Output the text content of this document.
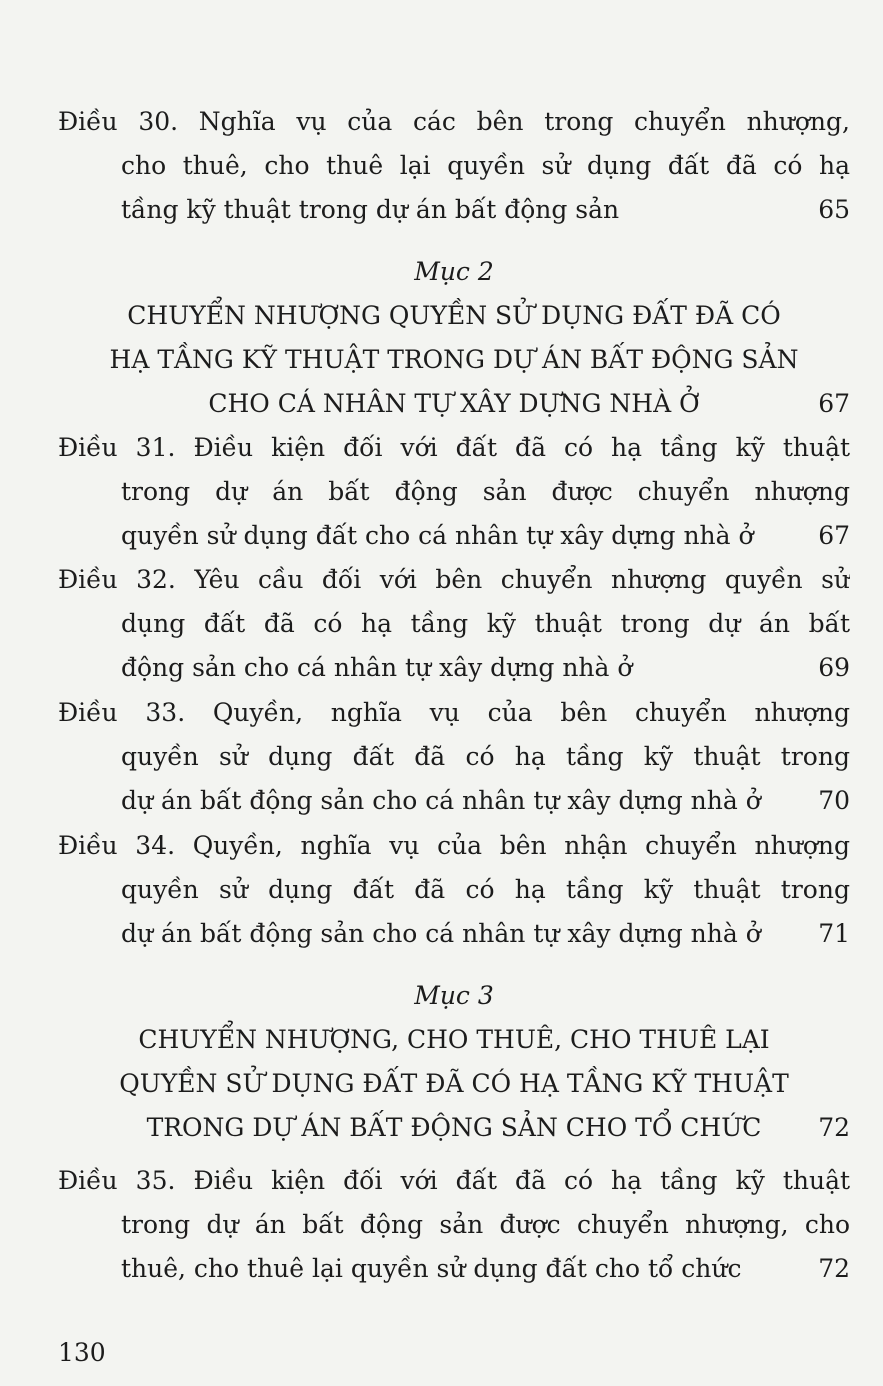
Điều 30. Nghĩa vụ của các bên trong chuyển nhượng,
cho thuê, cho thuê lại quyền sử dụng đất đã có hạ
tầng kỹ thuật trong dự án bất động sản	65
Mục 2
CHUYỂN NHƯỢNG QUYỀN SỬ DỤNG ĐẤT ĐÃ CÓ
HẠ TẦNG KỸ THUẬT TRONG DỰ ÁN BẤT ĐỘNG SẢN
CHO CÁ NHÂN TỰ XÂY DỰNG NHÀ Ở	67
Điều 31. Điều kiện đối với đất đã có hạ tầng kỹ thuật
trong dự án bất động sản được chuyển nhượng
quyền sử dụng đất cho cá nhân tự xây dựng nhà ở	67
Điều 32. Yêu cầu đối với bên chuyển nhượng quyền sử
dụng đất đã có hạ tầng kỹ thuật trong dự án bất
động sản cho cá nhân tự xây dựng nhà ở	69
Điều 33. Quyền, nghĩa vụ của bên chuyển nhượng
quyền sử dụng đất đã có hạ tầng kỹ thuật trong
dự án bất động sản cho cá nhân tự xây dựng nhà ở 70
Điều 34. Quyền, nghĩa vụ của bên nhận chuyển nhượng
quyền sử dụng đất đã có hạ tầng kỹ thuật trong
dự án bất động sản cho cá nhân tự xây dựng nhà ở 71
Mục 3
CHUYỂN NHƯỢNG, CHO THUÊ, CHO THUÊ LẠI
QUYỀN SỬ DỤNG ĐẤT ĐÃ CÓ HẠ TẦNG KỸ THUẬT
TRONG DỰ ÁN BẤT ĐỘNG SẢN CHO TỔ CHỨC 72
Điều 35. Điều kiện đối với đất đã có hạ tầng kỹ thuật
trong dự án bất động sản được chuyển nhượng, cho
thuê, cho thuê lại quyền sử dụng đất cho tổ chức	72
130
